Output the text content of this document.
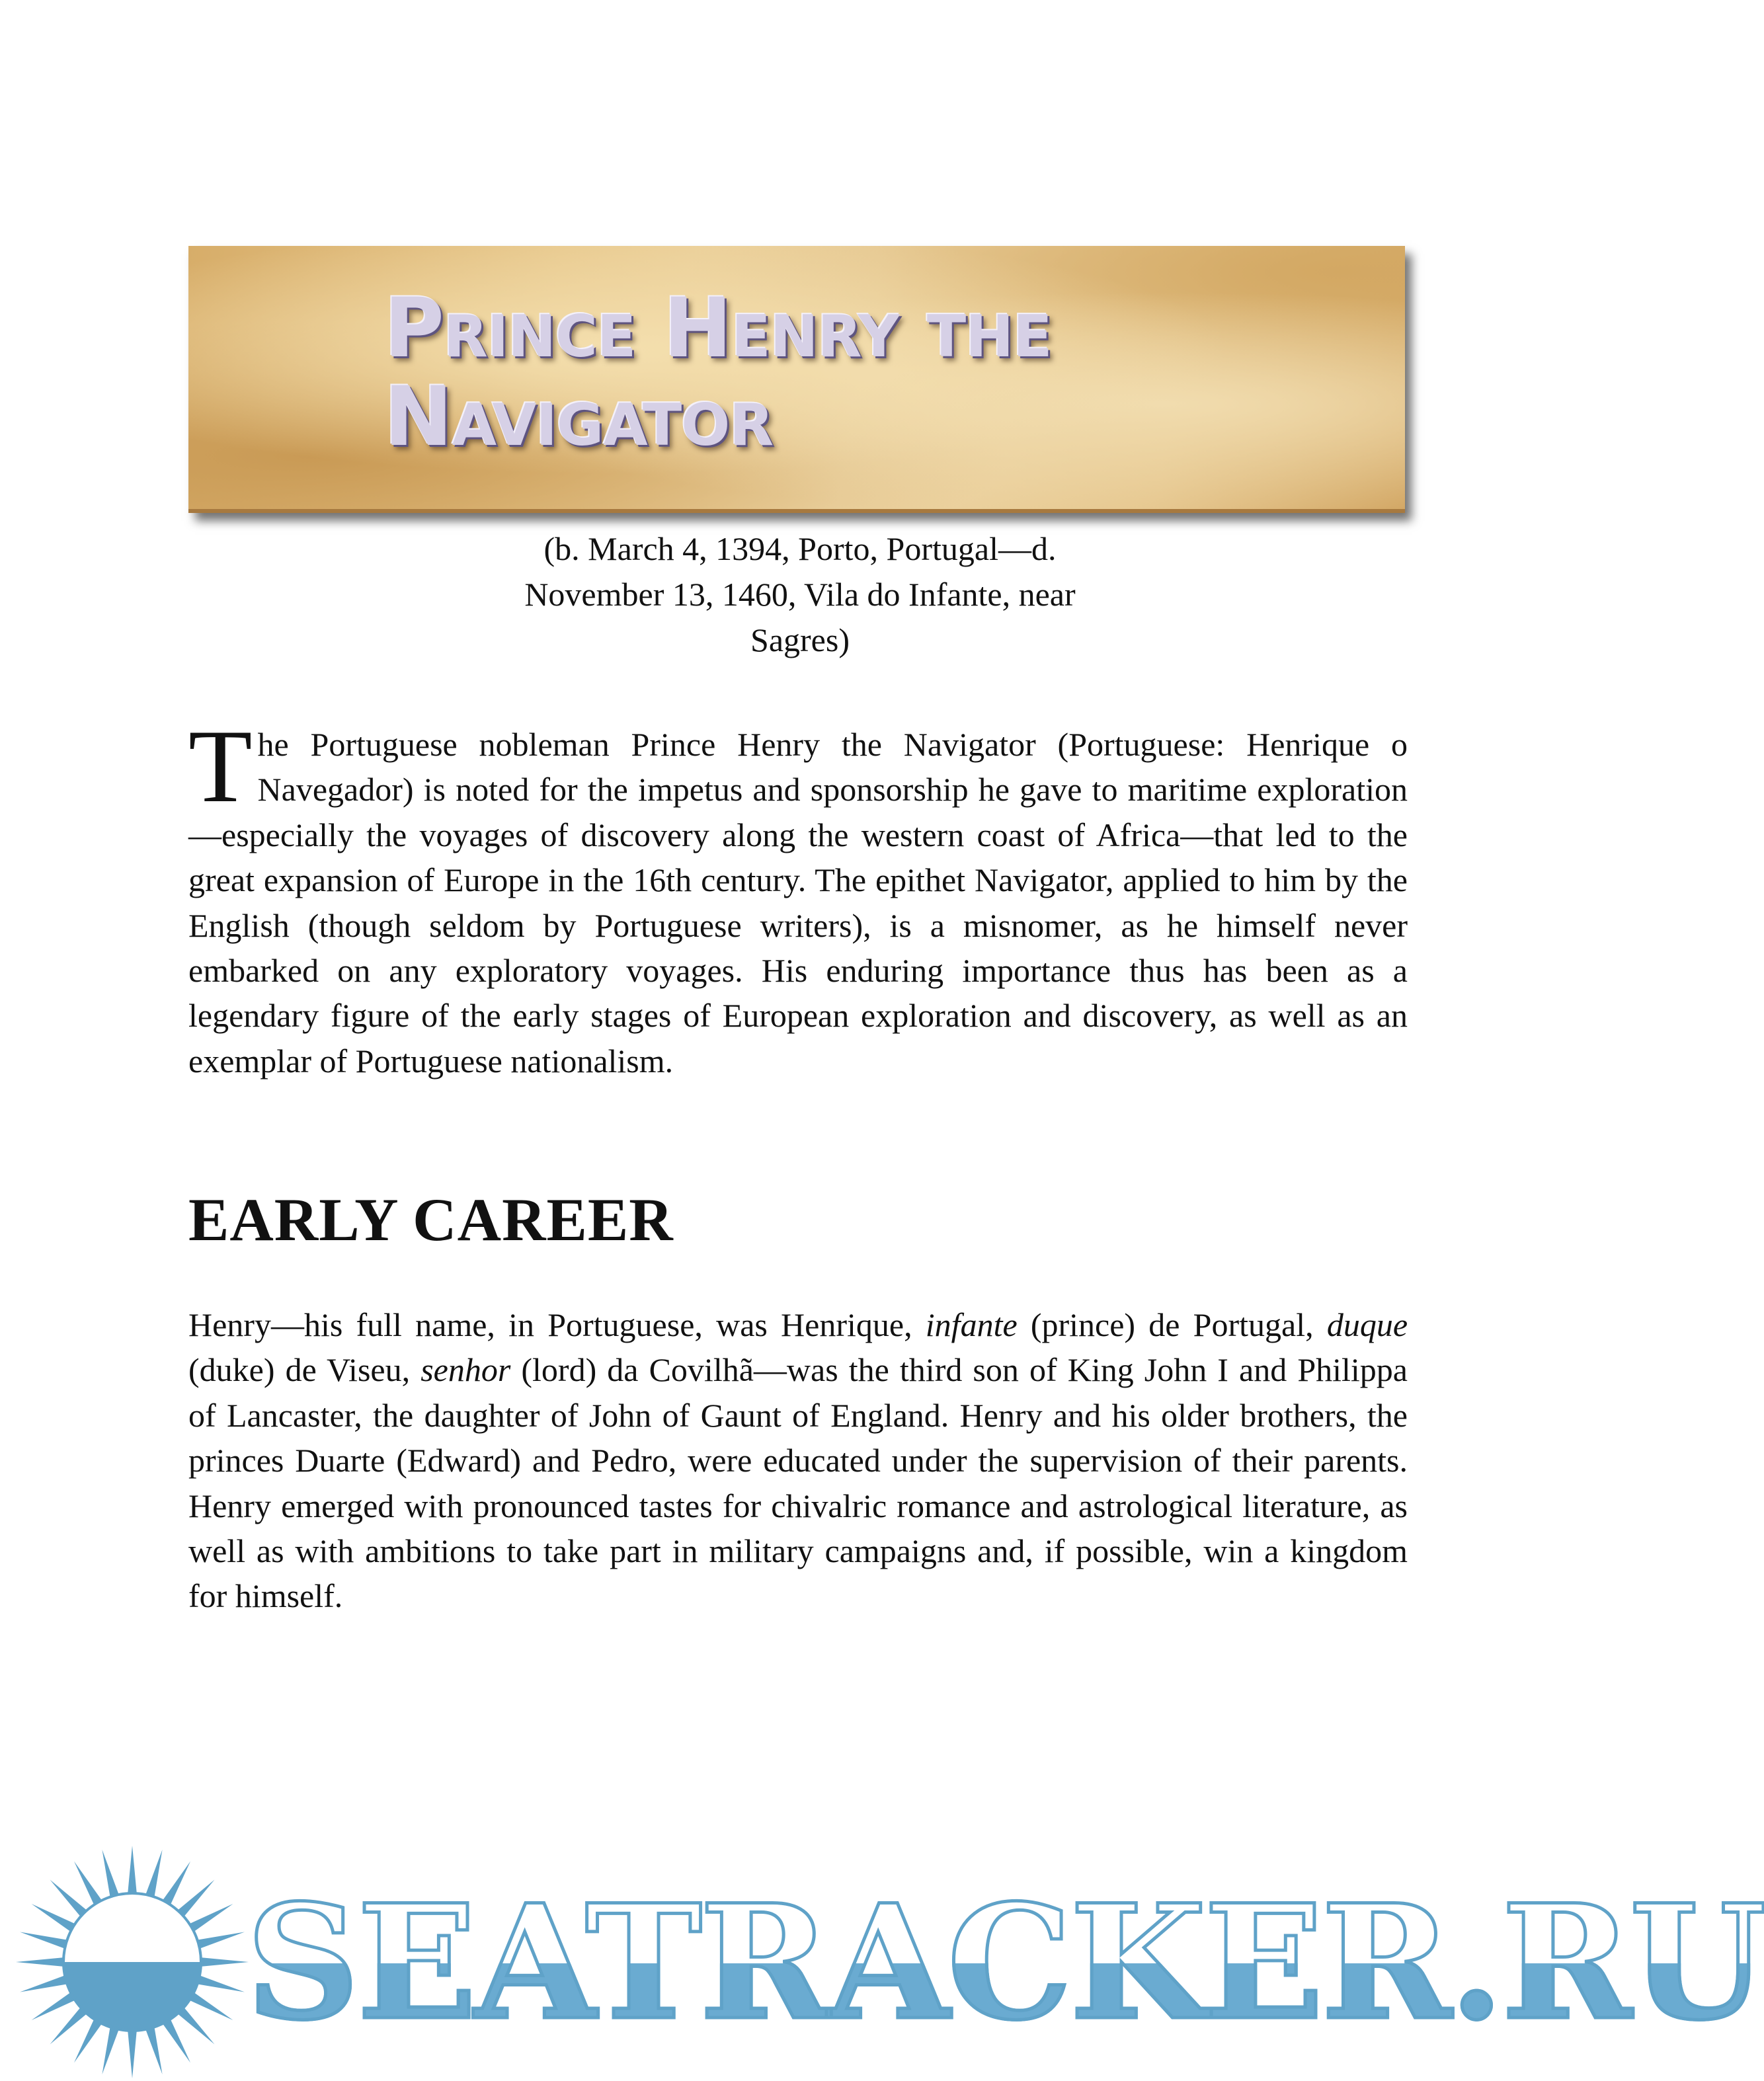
Prince Henry the
Navigator

(b. March 4, 1394, Porto, Portugal—d.
November 13, 1460, Vila do Infante, near
Sagres)

The Portuguese nobleman Prince Henry the Navigator (Portuguese: Henrique o Navegador) is noted for the impetus and sponsorship he gave to maritime exploration—especially the voyages of discovery along the western coast of Africa—that led to the great expansion of Europe in the 16th century. The epithet Navigator, applied to him by the English (though seldom by Portuguese writers), is a misnomer, as he himself never embarked on any exploratory voyages. His enduring importance thus has been as a legendary figure of the early stages of European exploration and discovery, as well as an exemplar of Portuguese nationalism.

EARLY CAREER

Henry—his full name, in Portuguese, was Henrique, infante (prince) de Portugal, duque (duke) de Viseu, senhor (lord) da Covilhã—was the third son of King John I and Philippa of Lancaster, the daughter of John of Gaunt of England. Henry and his older brothers, the princes Duarte (Edward) and Pedro, were educated under the supervision of their parents. Henry emerged with pronounced tastes for chivalric romance and astrological literature, as well as with ambitions to take part in military campaigns and, if possible, win a kingdom for himself.

SEATRACKER.RU
